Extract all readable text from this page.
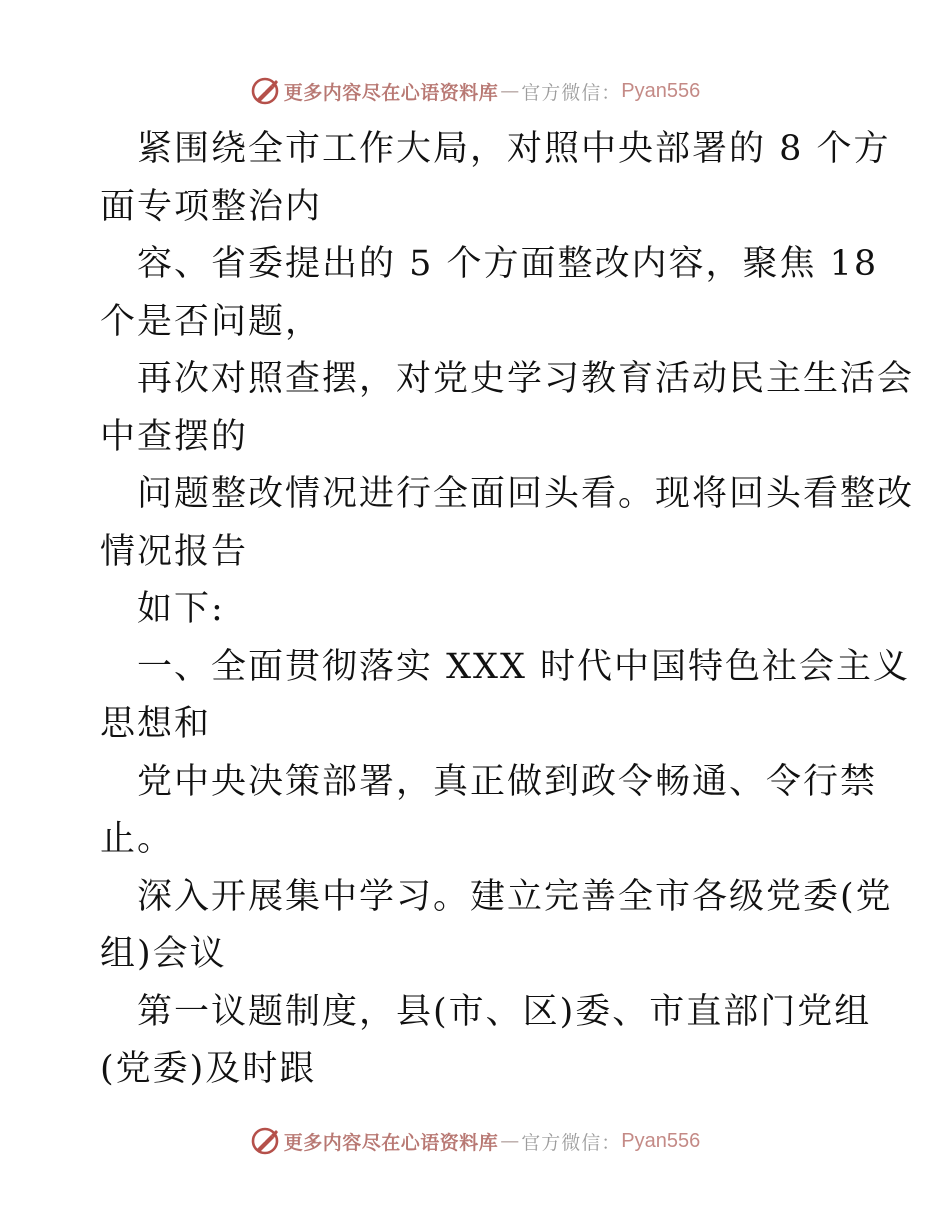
更多内容尽在心语资料库 — 官方微信： Pyan556
紧围绕全市工作大局，对照中央部署的 8 个方
面专项整治内
容、省委提出的 5 个方面整改内容，聚焦 18
个是否问题，
再次对照查摆，对党史学习教育活动民主生活会
中查摆的
问题整改情况进行全面回头看。现将回头看整改
情况报告
如下:
一、全面贯彻落实 XXX 时代中国特色社会主义
思想和
党中央决策部署，真正做到政令畅通、令行禁
止。
深入开展集中学习。建立完善全市各级党委(党
组)会议
第一议题制度，县(市、区)委、市直部门党组
(党委)及时跟
更多内容尽在心语资料库 — 官方微信： Pyan556
